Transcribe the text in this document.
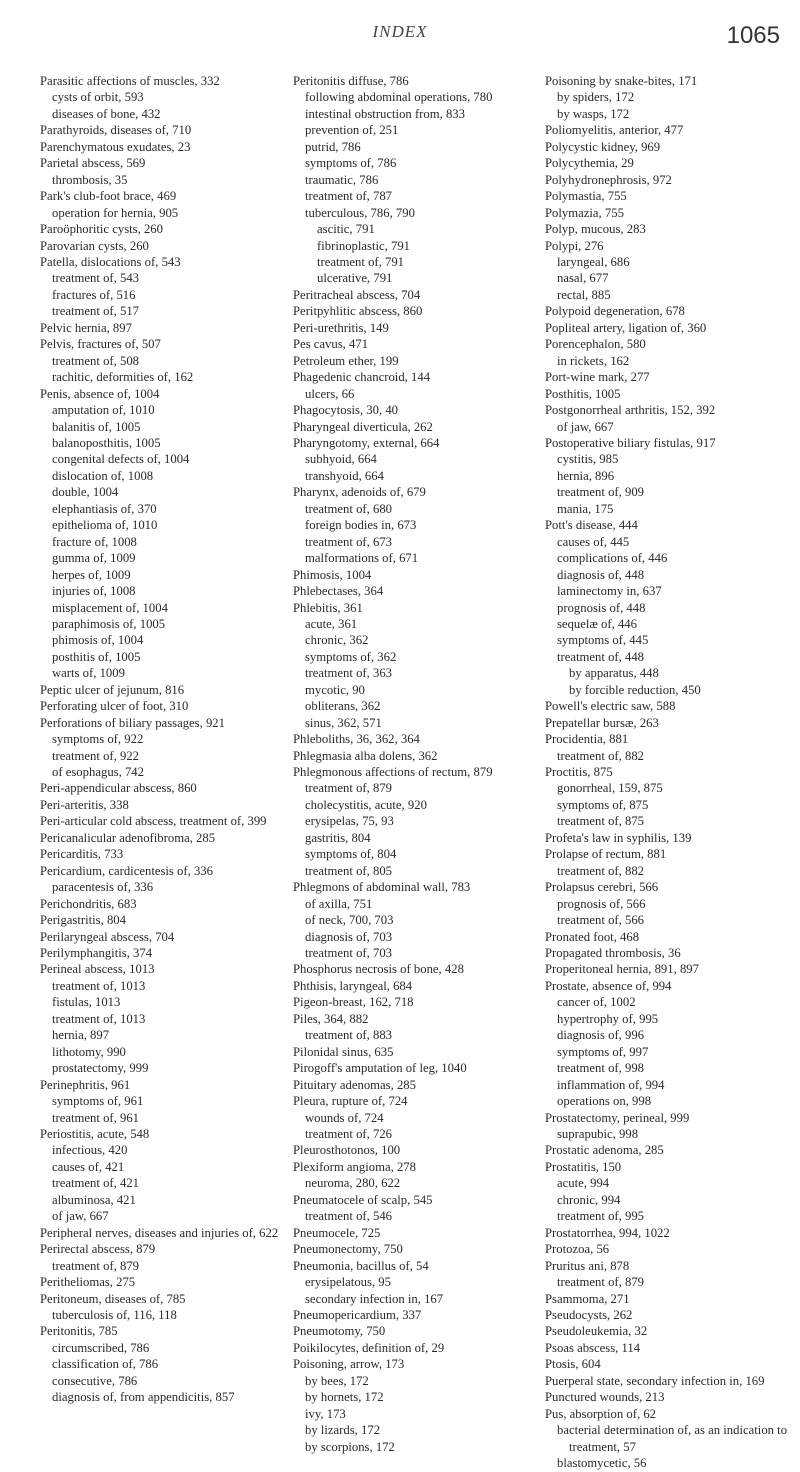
INDEX	1065
Parasitic affections of muscles, 332
cysts of orbit, 593
diseases of bone, 432
Parathyroids, diseases of, 710
Parenchymatous exudates, 23
Parietal abscess, 569
thrombosis, 35
Park's club-foot brace, 469
operation for hernia, 905
Paroöphoritic cysts, 260
Parovarian cysts, 260
Patella, dislocations of, 543
treatment of, 543
fractures of, 516
treatment of, 517
Pelvic hernia, 897
Pelvis, fractures of, 507
treatment of, 508
rachitic, deformities of, 162
Penis, absence of, 1004
amputation of, 1010
balanitis of, 1005
balanoposthitis, 1005
congenital defects of, 1004
dislocation of, 1008
double, 1004
elephantiasis of, 370
epithelioma of, 1010
fracture of, 1008
gumma of, 1009
herpes of, 1009
injuries of, 1008
misplacement of, 1004
paraphimosis of, 1005
phimosis of, 1004
posthitis of, 1005
warts of, 1009
Peptic ulcer of jejunum, 816
Perforating ulcer of foot, 310
Perforations of biliary passages, 921
symptoms of, 922
treatment of, 922
of esophagus, 742
Peri-appendicular abscess, 860
Peri-arteritis, 338
Peri-articular cold abscess, treatment of, 399
Pericanalicular adenofibroma, 285
Pericarditis, 733
Pericardium, cardicentesis of, 336
paracentesis of, 336
Perichondritis, 683
Perigastritis, 804
Perilaryngeal abscess, 704
Perilymphangitis, 374
Perineal abscess, 1013
treatment of, 1013
fistulas, 1013
treatment of, 1013
hernia, 897
lithotomy, 990
prostatectomy, 999
Perinephritis, 961
symptoms of, 961
treatment of, 961
Periostitis, acute, 548
infectious, 420
causes of, 421
treatment of, 421
albuminosa, 421
of jaw, 667
Peripheral nerves, diseases and injuries of, 622
Perirectal abscess, 879
treatment of, 879
Peritheliomas, 275
Peritoneum, diseases of, 785
tuberculosis of, 116, 118
Peritonitis, 785
circumscribed, 786
classification of, 786
consecutive, 786
diagnosis of, from appendicitis, 857
Peritonitis diffuse, 786
following abdominal operations, 780
intestinal obstruction from, 833
prevention of, 251
putrid, 786
symptoms of, 786
traumatic, 786
treatment of, 787
tuberculous, 786, 790
ascitic, 791
fibrinoplastic, 791
treatment of, 791
ulcerative, 791
Peritracheal abscess, 704
Peritpyhlitic abscess, 860
Peri-urethritis, 149
Pes cavus, 471
Petroleum ether, 199
Phagedenic chancroid, 144
ulcers, 66
Phagocytosis, 30, 40
Pharyngeal diverticula, 262
Pharyngotomy, external, 664
subhyoid, 664
transhyoid, 664
Pharynx, adenoids of, 679
treatment of, 680
foreign bodies in, 673
treatment of, 673
malformations of, 671
Phimosis, 1004
Phlebectases, 364
Phlebitis, 361
acute, 361
chronic, 362
symptoms of, 362
treatment of, 363
mycotic, 90
obliterans, 362
sinus, 362, 571
Phleboliths, 36, 362, 364
Phlegmasia alba dolens, 362
Phlegmonous affections of rectum, 879
treatment of, 879
cholecystitis, acute, 920
erysipelas, 75, 93
gastritis, 804
symptoms of, 804
treatment of, 805
Phlegmons of abdominal wall, 783
of axilla, 751
of neck, 700, 703
diagnosis of, 703
treatment of, 703
Phosphorus necrosis of bone, 428
Phthisis, laryngeal, 684
Pigeon-breast, 162, 718
Piles, 364, 882
treatment of, 883
Pilonidal sinus, 635
Pirogoff's amputation of leg, 1040
Pituitary adenomas, 285
Pleura, rupture of, 724
wounds of, 724
treatment of, 726
Pleurosthotonos, 100
Plexiform angioma, 278
neuroma, 280, 622
Pneumatocele of scalp, 545
treatment of, 546
Pneumocele, 725
Pneumonectomy, 750
Pneumonia, bacillus of, 54
erysipelatous, 95
secondary infection in, 167
Pneumopericardium, 337
Pneumotomy, 750
Poikilocytes, definition of, 29
Poisoning, arrow, 173
by bees, 172
by hornets, 172
ivy, 173
by lizards, 172
by scorpions, 172
Poisoning by snake-bites, 171
by spiders, 172
by wasps, 172
Poliomyelitis, anterior, 477
Polycystic kidney, 969
Polycythemia, 29
Polyhydronephrosis, 972
Polymastia, 755
Polymazia, 755
Polyp, mucous, 283
Polypi, 276
laryngeal, 686
nasal, 677
rectal, 885
Polypoid degeneration, 678
Popliteal artery, ligation of, 360
Porencephalon, 580
in rickets, 162
Port-wine mark, 277
Posthitis, 1005
Postgonorrheal arthritis, 152, 392
of jaw, 667
Postoperative biliary fistulas, 917
cystitis, 985
hernia, 896
treatment of, 909
mania, 175
Pott's disease, 444
causes of, 445
complications of, 446
diagnosis of, 448
laminectomy in, 637
prognosis of, 448
sequelæ of, 446
symptoms of, 445
treatment of, 448
by apparatus, 448
by forcible reduction, 450
Powell's electric saw, 588
Prepatellar bursæ, 263
Procidentia, 881
treatment of, 882
Proctitis, 875
gonorrheal, 159, 875
symptoms of, 875
treatment of, 875
Profeta's law in syphilis, 139
Prolapse of rectum, 881
treatment of, 882
Prolapsus cerebri, 566
prognosis of, 566
treatment of, 566
Pronated foot, 468
Propagated thrombosis, 36
Properitoneal hernia, 891, 897
Prostate, absence of, 994
cancer of, 1002
hypertrophy of, 995
diagnosis of, 996
symptoms of, 997
treatment of, 998
inflammation of, 994
operations on, 998
Prostatectomy, perineal, 999
suprapubic, 998
Prostatic adenoma, 285
Prostatitis, 150
acute, 994
chronic, 994
treatment of, 995
Prostatorrhea, 994, 1022
Protozoa, 56
Pruritus ani, 878
treatment of, 879
Psammoma, 271
Pseudocysts, 262
Pseudoleukemia, 32
Psoas abscess, 114
Ptosis, 604
Puerperal state, secondary infection in, 169
Punctured wounds, 213
Pus, absorption of, 62
bacterial determination of, as an indication to treatment, 57
blastomycetic, 56
